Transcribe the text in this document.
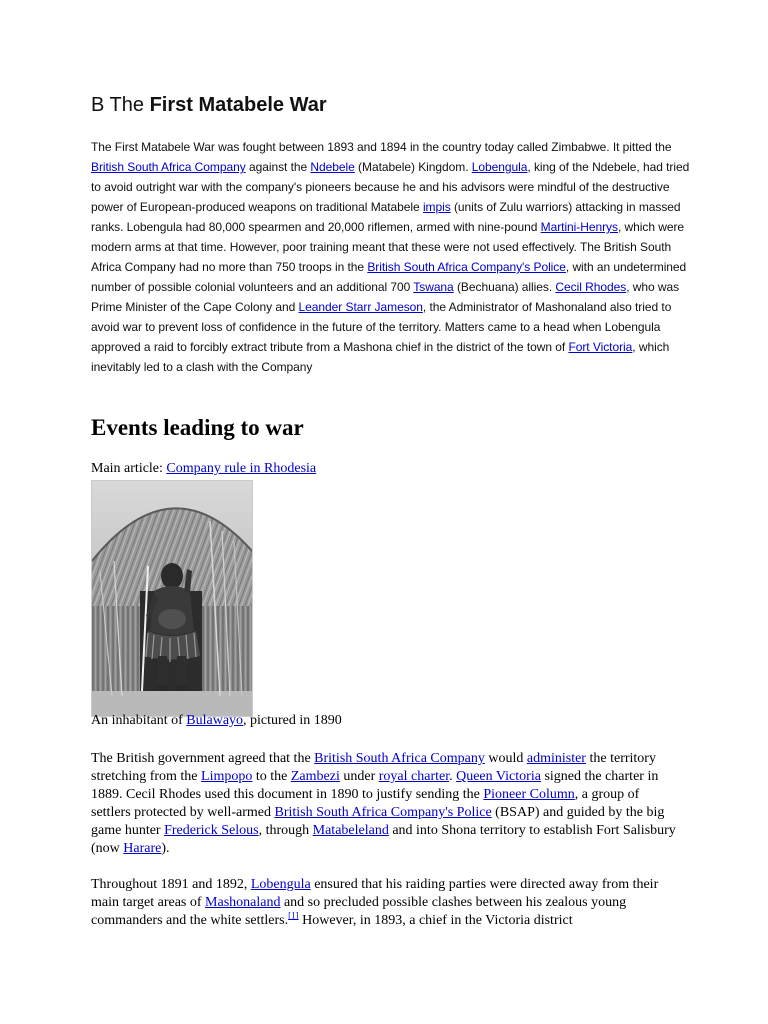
B The First Matabele War

The First Matabele War was fought between 1893 and 1894 in the country today called Zimbabwe. It pitted the British South Africa Company against the Ndebele (Matabele) Kingdom. Lobengula, king of the Ndebele, had tried to avoid outright war with the company's pioneers because he and his advisors were mindful of the destructive power of European-produced weapons on traditional Matabele impis (units of Zulu warriors) attacking in massed ranks. Lobengula had 80,000 spearmen and 20,000 riflemen, armed with nine-pound Martini-Henrys, which were modern arms at that time. However, poor training meant that these were not used effectively. The British South Africa Company had no more than 750 troops in the British South Africa Company's Police, with an undetermined number of possible colonial volunteers and an additional 700 Tswana (Bechuana) allies. Cecil Rhodes, who was Prime Minister of the Cape Colony and Leander Starr Jameson, the Administrator of Mashonaland also tried to avoid war to prevent loss of confidence in the future of the territory. Matters came to a head when Lobengula approved a raid to forcibly extract tribute from a Mashona chief in the district of the town of Fort Victoria, which inevitably led to a clash with the Company

Events leading to war

Main article: Company rule in Rhodesia

An inhabitant of Bulawayo, pictured in 1890

The British government agreed that the British South Africa Company would administer the territory stretching from the Limpopo to the Zambezi under royal charter. Queen Victoria signed the charter in 1889. Cecil Rhodes used this document in 1890 to justify sending the Pioneer Column, a group of settlers protected by well-armed British South Africa Company's Police (BSAP) and guided by the big game hunter Frederick Selous, through Matabeleland and into Shona territory to establish Fort Salisbury (now Harare).

Throughout 1891 and 1892, Lobengula ensured that his raiding parties were directed away from their main target areas of Mashonaland and so precluded possible clashes between his zealous young commanders and the white settlers.[1] However, in 1893, a chief in the Victoria district
